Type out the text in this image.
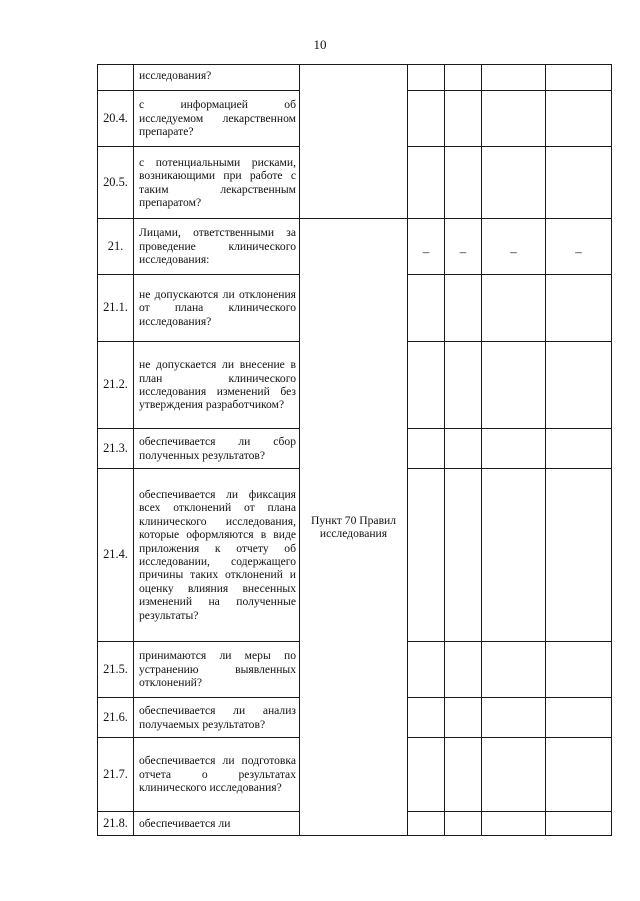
10
	исследования?					
20.4.	с информацией об исследуемом лекарственном препарате?					
20.5.	с потенциальными рисками, возникающими при работе с таким лекарственным препаратом?					
21.	Лицами, ответственными за проведение клинического исследования:	Пункт 70 Правил исследования	–	–	–	–
21.1.	не допускаются ли отклонения от плана клинического исследования?					
21.2.	не допускается ли внесение в план клинического исследования изменений без утверждения разработчиком?					
21.3.	обеспечивается ли сбор полученных результатов?					
21.4.	обеспечивается ли фиксация всех отклонений от плана клинического исследования, которые оформляются в виде приложения к отчету об исследовании, содержащего причины таких отклонений и оценку влияния внесенных изменений на полученные результаты?					
21.5.	принимаются ли меры по устранению выявленных отклонений?					
21.6.	обеспечивается ли анализ получаемых результатов?					
21.7.	обеспечивается ли подготовка отчета о результатах клинического исследования?					
21.8.	обеспечивается ли					
